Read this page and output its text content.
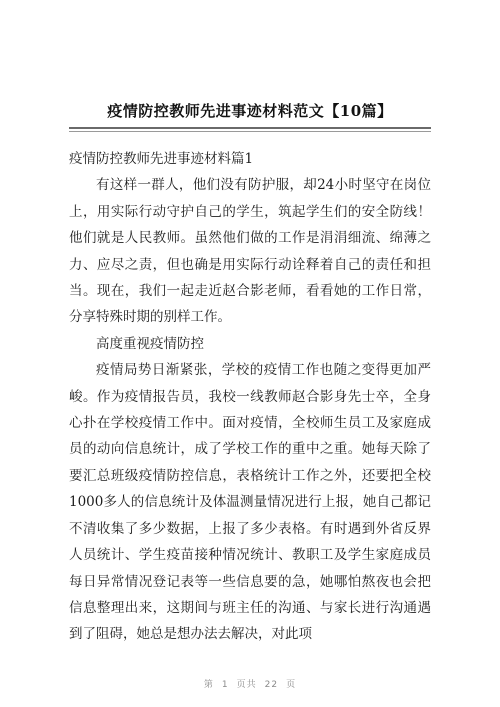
疫情防控教师先进事迹材料范文【10篇】

疫情防控教师先进事迹材料篇1

有这样一群人，他们没有防护服，却24小时坚守在岗位上，用实际行动守护自己的学生，筑起学生们的安全防线！他们就是人民教师。虽然他们做的工作是涓涓细流、绵薄之力、应尽之责，但也确是用实际行动诠释着自己的责任和担当。现在，我们一起走近赵合影老师，看看她的工作日常，分享特殊时期的别样工作。

高度重视疫情防控

疫情局势日渐紧张，学校的疫情工作也随之变得更加严峻。作为疫情报告员，我校一线教师赵合影身先士卒，全身心扑在学校疫情工作中。面对疫情，全校师生员工及家庭成员的动向信息统计，成了学校工作的重中之重。她每天除了要汇总班级疫情防控信息，表格统计工作之外，还要把全校1000多人的信息统计及体温测量情况进行上报，她自己都记不清收集了多少数据，上报了多少表格。有时遇到外省反界人员统计、学生疫苗接种情况统计、教职工及学生家庭成员每日异常情况登记表等一些信息要的急，她哪怕熬夜也会把信息整理出来，这期间与班主任的沟通、与家长进行沟通遇到了阻碍，她总是想办法去解决，对此项

第 1 页共 22 页
